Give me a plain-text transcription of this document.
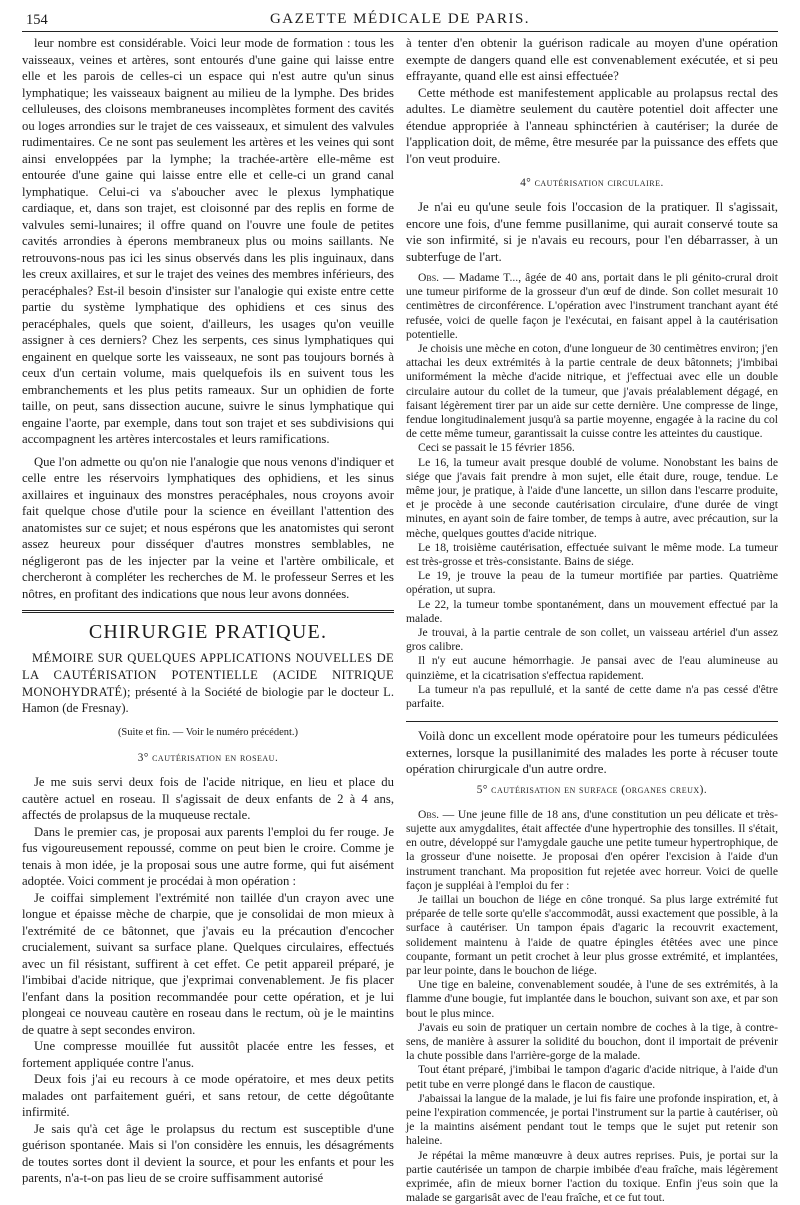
154	GAZETTE MÉDICALE DE PARIS.

leur nombre est considérable. Voici leur mode de formation : tous les vaisseaux, veines et artères, sont entourés d'une gaine qui laisse entre elle et les parois de celles-ci un espace qui n'est autre qu'un sinus lymphatique; les vaisseaux baignent au milieu de la lymphe. Des brides celluleuses, des cloisons membraneuses incomplètes forment des cavités ou loges arrondies sur le trajet de ces vaisseaux, et simulent des valvules rudimentaires. Ce ne sont pas seulement les artères et les veines qui sont ainsi enveloppées par la lymphe; la trachée-artère elle-même est entourée d'une gaine qui laisse entre elle et celle-ci un grand canal lymphatique. Celui-ci va s'aboucher avec le plexus lymphatique cardiaque, et, dans son trajet, est cloisonné par des replis en forme de valvules semi-lunaires; il offre quand on l'ouvre une foule de petites cavités arrondies à éperons membraneux plus ou moins saillants. Ne retrouvons-nous pas ici les sinus observés dans les plis inguinaux, dans les creux axillaires, et sur le trajet des veines des membres inférieurs, des peracéphales? Est-il besoin d'insister sur l'analogie qui existe entre cette partie du système lymphatique des ophidiens et ces sinus des peracéphales, quels que soient, d'ailleurs, les usages qu'on veuille assigner à ces derniers? Chez les serpents, ces sinus lymphatiques qui engainent en quelque sorte les vaisseaux, ne sont pas toujours bornés à ceux d'un certain volume, mais quelquefois ils en suivent tous les embranchements et les plus petits rameaux. Sur un ophidien de forte taille, on peut, sans dissection aucune, suivre le sinus lymphatique qui engaine l'aorte, par exemple, dans tout son trajet et ses subdivisions qui accompagnent les artères intercostales et leurs ramifications.

Que l'on admette ou qu'on nie l'analogie que nous venons d'indiquer et celle entre les réservoirs lymphatiques des ophidiens, et les sinus axillaires et inguinaux des monstres peracéphales, nous croyons avoir fait quelque chose d'utile pour la science en éveillant l'attention des anatomistes sur ce sujet; et nous espérons que les anatomistes qui seront assez heureux pour disséquer d'autres monstres semblables, ne négligeront pas de les injecter par la veine et l'artère ombilicale, et chercheront à compléter les recherches de M. le professeur Serres et les nôtres, en profitant des indications que nous leur avons données.

CHIRURGIE PRATIQUE.

MÉMOIRE SUR QUELQUES APPLICATIONS NOUVELLES DE LA CAUTÉRISATION POTENTIELLE (ACIDE NITRIQUE MONOHYDRATÉ); présenté à la Société de biologie par le docteur L. Hamon (de Fresnay).

(Suite et fin. — Voir le numéro précédent.)
3° cautérisation en roseau.

Je me suis servi deux fois de l'acide nitrique, en lieu et place du cautère actuel en roseau. Il s'agissait de deux enfants de 2 à 4 ans, affectés de prolapsus de la muqueuse rectale.

Dans le premier cas, je proposai aux parents l'emploi du fer rouge. Je fus vigoureusement repoussé, comme on peut bien le croire. Comme je tenais à mon idée, je la proposai sous une autre forme, qui fut aisément adoptée. Voici comment je procédai à mon opération :

Je coiffai simplement l'extrémité non taillée d'un crayon avec une longue et épaisse mèche de charpie, que je consolidai de mon mieux à l'extrémité de ce bâtonnet, que j'avais eu la précaution d'encocher crucialement, suivant sa surface plane. Quelques circulaires, effectués avec un fil résistant, suffirent à cet effet. Ce petit appareil préparé, je l'imbibai d'acide nitrique, que j'exprimai convenablement. Je fis placer l'enfant dans la position recommandée pour cette opération, et je lui plongeai ce nouveau cautère en roseau dans le rectum, où je le maintins de quatre à sept secondes environ.

Une compresse mouillée fut aussitôt placée entre les fesses, et fortement appliquée contre l'anus.

Deux fois j'ai eu recours à ce mode opératoire, et mes deux petits malades ont parfaitement guéri, et sans retour, de cette dégoûtante infirmité.

Je sais qu'à cet âge le prolapsus du rectum est susceptible d'une guérison spontanée. Mais si l'on considère les ennuis, les désagréments de toutes sortes dont il devient la source, et pour les enfants et pour les parents, n'a-t-on pas lieu de se croire suffisamment autorisé

à tenter d'en obtenir la guérison radicale au moyen d'une opération exempte de dangers quand elle est convenablement exécutée, et si peu effrayante, quand elle est ainsi effectuée?

Cette méthode est manifestement applicable au prolapsus rectal des adultes. Le diamètre seulement du cautère potentiel doit affecter une étendue appropriée à l'anneau sphinctérien à cautériser; la durée de l'application doit, de même, être mesurée par la puissance des effets que l'on veut produire.

4° cautérisation circulaire.

Je n'ai eu qu'une seule fois l'occasion de la pratiquer. Il s'agissait, encore une fois, d'une femme pusillanime, qui aurait conservé toute sa vie son infirmité, si je n'avais eu recours, pour l'en débarrasser, à un subterfuge de l'art.

Obs. — Madame T..., âgée de 40 ans, portait dans le pli génito-crural droit une tumeur piriforme de la grosseur d'un œuf de dinde. Son collet mesurait 10 centimètres de circonférence. L'opération avec l'instrument tranchant ayant été refusée, voici de quelle façon je l'exécutai, en faisant appel à la cautérisation potentielle.

Je choisis une mèche en coton, d'une longueur de 30 centimètres environ; j'en attachai les deux extrémités à la partie centrale de deux bâtonnets; j'imbibai uniformément la mèche d'acide nitrique, et j'effectuai avec elle un double circulaire autour du collet de la tumeur, que j'avais préalablement dégagé, en faisant légèrement tirer par un aide sur cette dernière. Une compresse de linge, fendue longitudinalement jusqu'à sa partie moyenne, engagée à la racine du col de cette même tumeur, garantissait la cuisse contre les atteintes du caustique.

Ceci se passait le 15 février 1856.

Le 16, la tumeur avait presque doublé de volume. Nonobstant les bains de siége que j'avais fait prendre à mon sujet, elle était dure, rouge, tendue. Le même jour, je pratique, à l'aide d'une lancette, un sillon dans l'escarre produite, et je procède à une seconde cautérisation circulaire, d'une durée de vingt minutes, en ayant soin de faire tomber, de temps à autre, avec précaution, sur la mèche, quelques gouttes d'acide nitrique.

Le 18, troisième cautérisation, effectuée suivant le même mode. La tumeur est très-grosse et très-consistante. Bains de siége.

Le 19, je trouve la peau de la tumeur mortifiée par parties. Quatrième opération, ut supra.

Le 22, la tumeur tombe spontanément, dans un mouvement effectué par la malade.

Je trouvai, à la partie centrale de son collet, un vaisseau artériel d'un assez gros calibre.

Il n'y eut aucune hémorrhagie. Je pansai avec de l'eau alumineuse au quinzième, et la cicatrisation s'effectua rapidement.

La tumeur n'a pas repullulé, et la santé de cette dame n'a pas cessé d'être parfaite.

Voilà donc un excellent mode opératoire pour les tumeurs pédiculées externes, lorsque la pusillanimité des malades les porte à récuser toute opération chirurgicale d'un autre ordre.

5° cautérisation en surface (organes creux).

Obs. — Une jeune fille de 18 ans, d'une constitution un peu délicate et très-sujette aux amygdalites, était affectée d'une hypertrophie des tonsilles. Il s'était, en outre, développé sur l'amygdale gauche une petite tumeur hypertrophique, de la grosseur d'une noisette. Je proposai d'en opérer l'excision à l'aide d'un instrument tranchant. Ma proposition fut rejetée avec horreur. Voici de quelle façon je suppléai à l'emploi du fer :

Je taillai un bouchon de liége en cône tronqué. Sa plus large extrémité fut préparée de telle sorte qu'elle s'accommodât, aussi exactement que possible, à la surface à cautériser. Un tampon épais d'agaric la recouvrit exactement, solidement maintenu à l'aide de quatre épingles étêtées avec une pince coupante, formant un petit crochet à leur plus grosse extrémité, et implantées, par leur pointe, dans le bouchon de liége.

Une tige en baleine, convenablement soudée, à l'une de ses extrémités, à la flamme d'une bougie, fut implantée dans le bouchon, suivant son axe, et par son bout le plus mince.

J'avais eu soin de pratiquer un certain nombre de coches à la tige, à contre-sens, de manière à assurer la solidité du bouchon, dont il importait de prévenir la chute possible dans l'arrière-gorge de la malade.

Tout étant préparé, j'imbibai le tampon d'agaric d'acide nitrique, à l'aide d'un petit tube en verre plongé dans le flacon de caustique.

J'abaissai la langue de la malade, je lui fis faire une profonde inspiration, et, à peine l'expiration commencée, je portai l'instrument sur la partie à cautériser, où je la maintins aisément pendant tout le temps que le sujet put retenir son haleine.

Je répétai la même manœuvre à deux autres reprises. Puis, je portai sur la partie cautérisée un tampon de charpie imbibée d'eau fraîche, mais légèrement exprimée, afin de mieux borner l'action du toxique. Enfin j'eus soin que la malade se gargarisât avec de l'eau fraîche, et ce fut tout.
